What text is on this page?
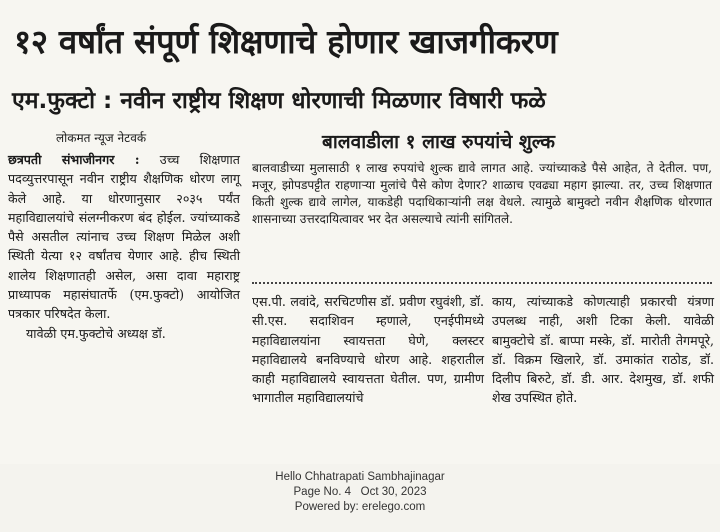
१२ वर्षांत संपूर्ण शिक्षणाचे होणार खाजगीकरण
एम.फुक्टो : नवीन राष्ट्रीय शिक्षण धोरणाची मिळणार विषारी फळे
लोकमत न्यूज नेटवर्क
छत्रपती संभाजीनगर : उच्च शिक्षणात पदव्युत्तरपासून नवीन राष्ट्रीय शैक्षणिक धोरण लागू केले आहे. या धोरणानुसार २०३५ पर्यंत महाविद्यालयांचे संलग्नीकरण बंद होईल. ज्यांच्याकडे पैसे असतील त्यांनाच उच्च शिक्षण मिळेल अशी स्थिती येत्या १२ वर्षांतच येणार आहे. हीच स्थिती शालेय शिक्षणातही असेल, असा दावा महाराष्ट्र प्राध्यापक महासंघातर्फे (एम.फुक्टो) आयोजित पत्रकार परिषदेत केला.
यावेळी एम.फुक्टोचे अध्यक्ष डॉ.
बालवाडीला १ लाख रुपयांचे शुल्क
बालवाडीच्या मुलासाठी १ लाख रुपयांचे शुल्क द्यावे लागत आहे. ज्यांच्याकडे पैसे आहेत, ते देतील. पण, मजूर, झोपडपट्टीत राहणाऱ्या मुलांचे पैसे कोण देणार? शाळाच एवढ्या महाग झाल्या. तर, उच्च शिक्षणात किती शुल्क द्यावे लागेल, याकडेही पदाधिकाऱ्यांनी लक्ष वेधले. त्यामुळे बामुक्टो नवीन शैक्षणिक धोरणात शासनाच्या उत्तरदायित्वावर भर देत असल्याचे त्यांनी सांगितले.
एस.पी. लवांदे, सरचिटणीस डॉ. प्रवीण रघुवंशी, डॉ. सी.एस. सदाशिवन म्हणाले, एनईपीमध्ये महाविद्यालयांना स्वायत्तता घेणे, क्लस्टर महाविद्यालये बनविण्याचे धोरण आहे. शहरातील काही महाविद्यालये स्वायत्तता घेतील. पण, ग्रामीण भागातील महाविद्यालयांचे
काय, त्यांच्याकडे कोणत्याही प्रकारची यंत्रणा उपलब्ध नाही, अशी टिका केली. यावेळी बामुक्टोचे डॉ. बाप्पा मस्के, डॉ. मारोती तेगमपूरे, डॉ. विक्रम खिलारे, डॉ. उमाकांत राठोड, डॉ. दिलीप बिरुटे, डॉ. डी. आर. देशमुख, डॉ. शफी शेख उपस्थित होते.
Hello Chhatrapati Sambhajinagar
Page No. 4 Oct 30, 2023
Powered by: erelego.com
